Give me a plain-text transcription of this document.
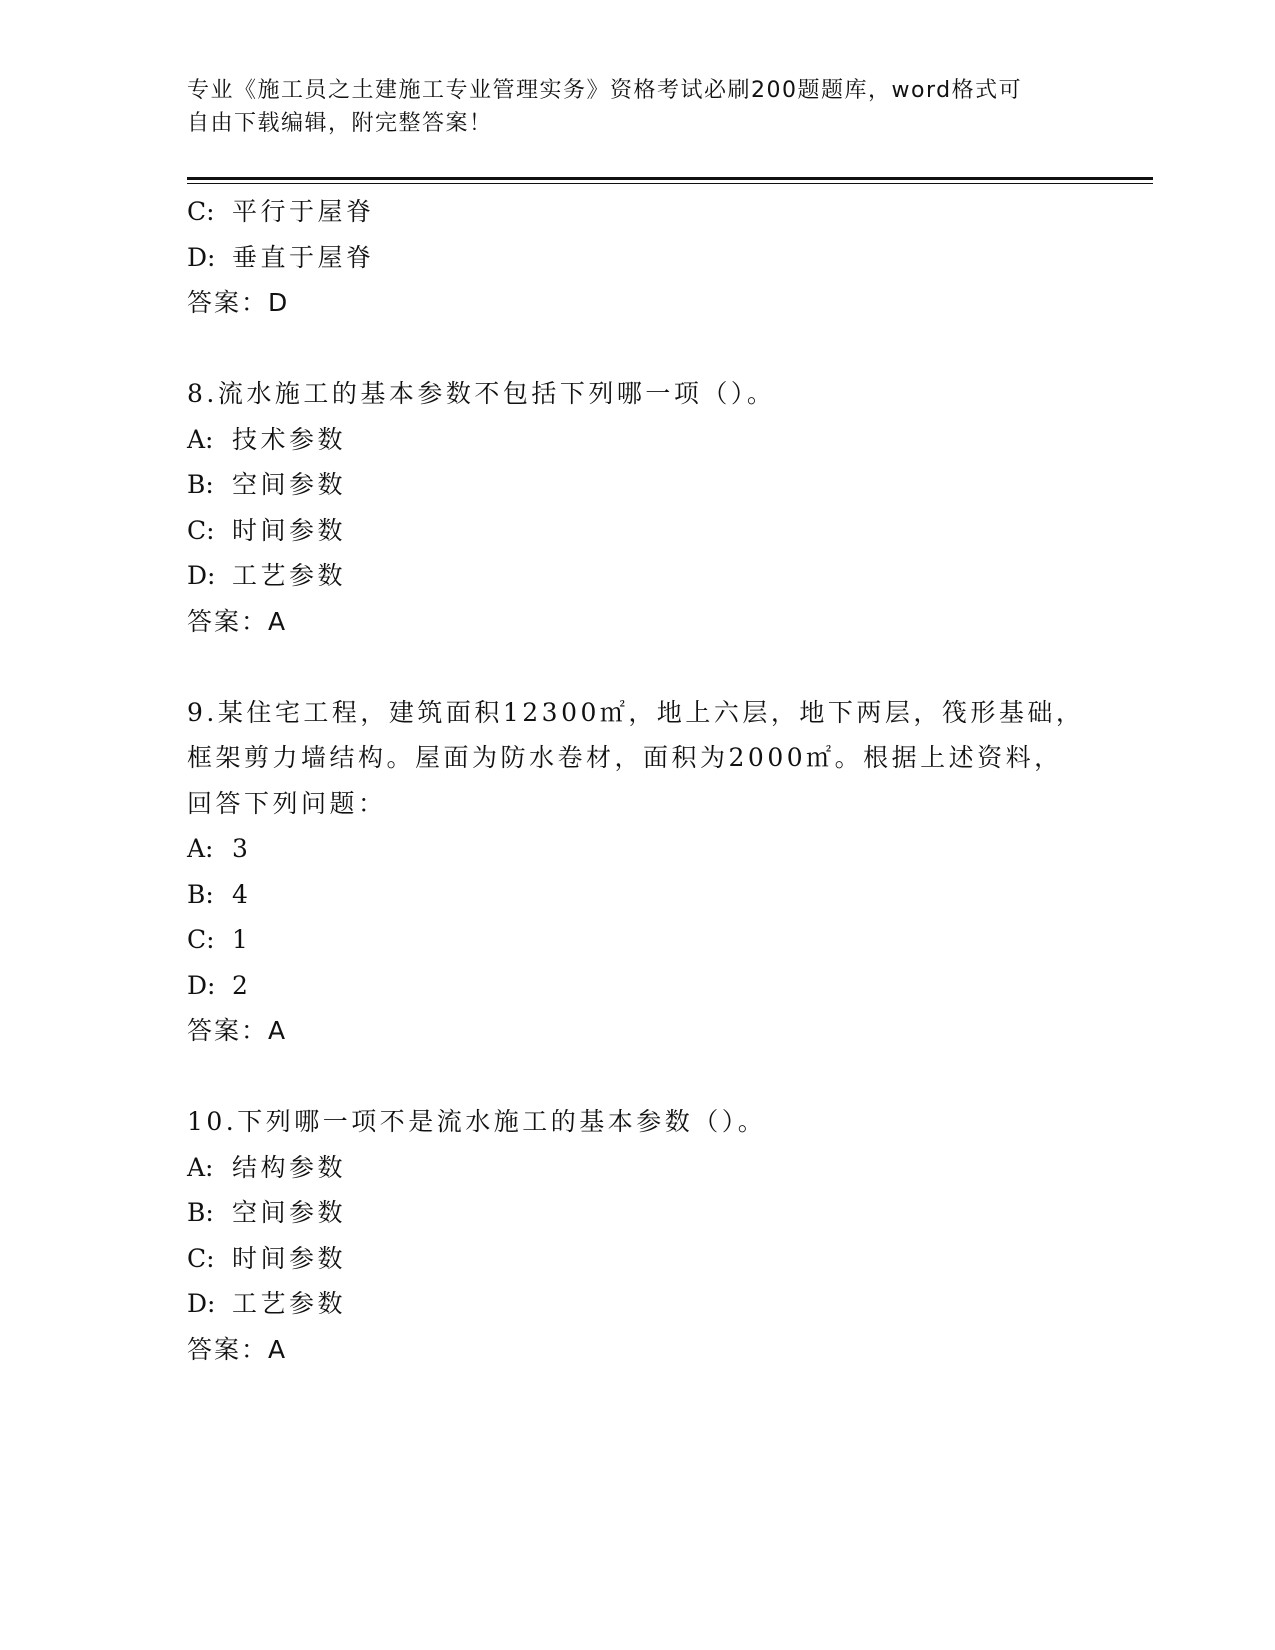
专业《施工员之土建施工专业管理实务》资格考试必刷200题题库，word格式可
自由下载编辑，附完整答案！
C: 平行于屋脊
D: 垂直于屋脊
答案：D
8.流水施工的基本参数不包括下列哪一项（）。
A: 技术参数
B: 空间参数
C: 时间参数
D: 工艺参数
答案：A
9.某住宅工程，建筑面积12300㎡，地上六层，地下两层，筏形基础，
框架剪力墙结构。屋面为防水卷材，面积为2000㎡。根据上述资料，
回答下列问题：
A: 3
B: 4
C: 1
D: 2
答案：A
10.下列哪一项不是流水施工的基本参数（）。
A: 结构参数
B: 空间参数
C: 时间参数
D: 工艺参数
答案：A
